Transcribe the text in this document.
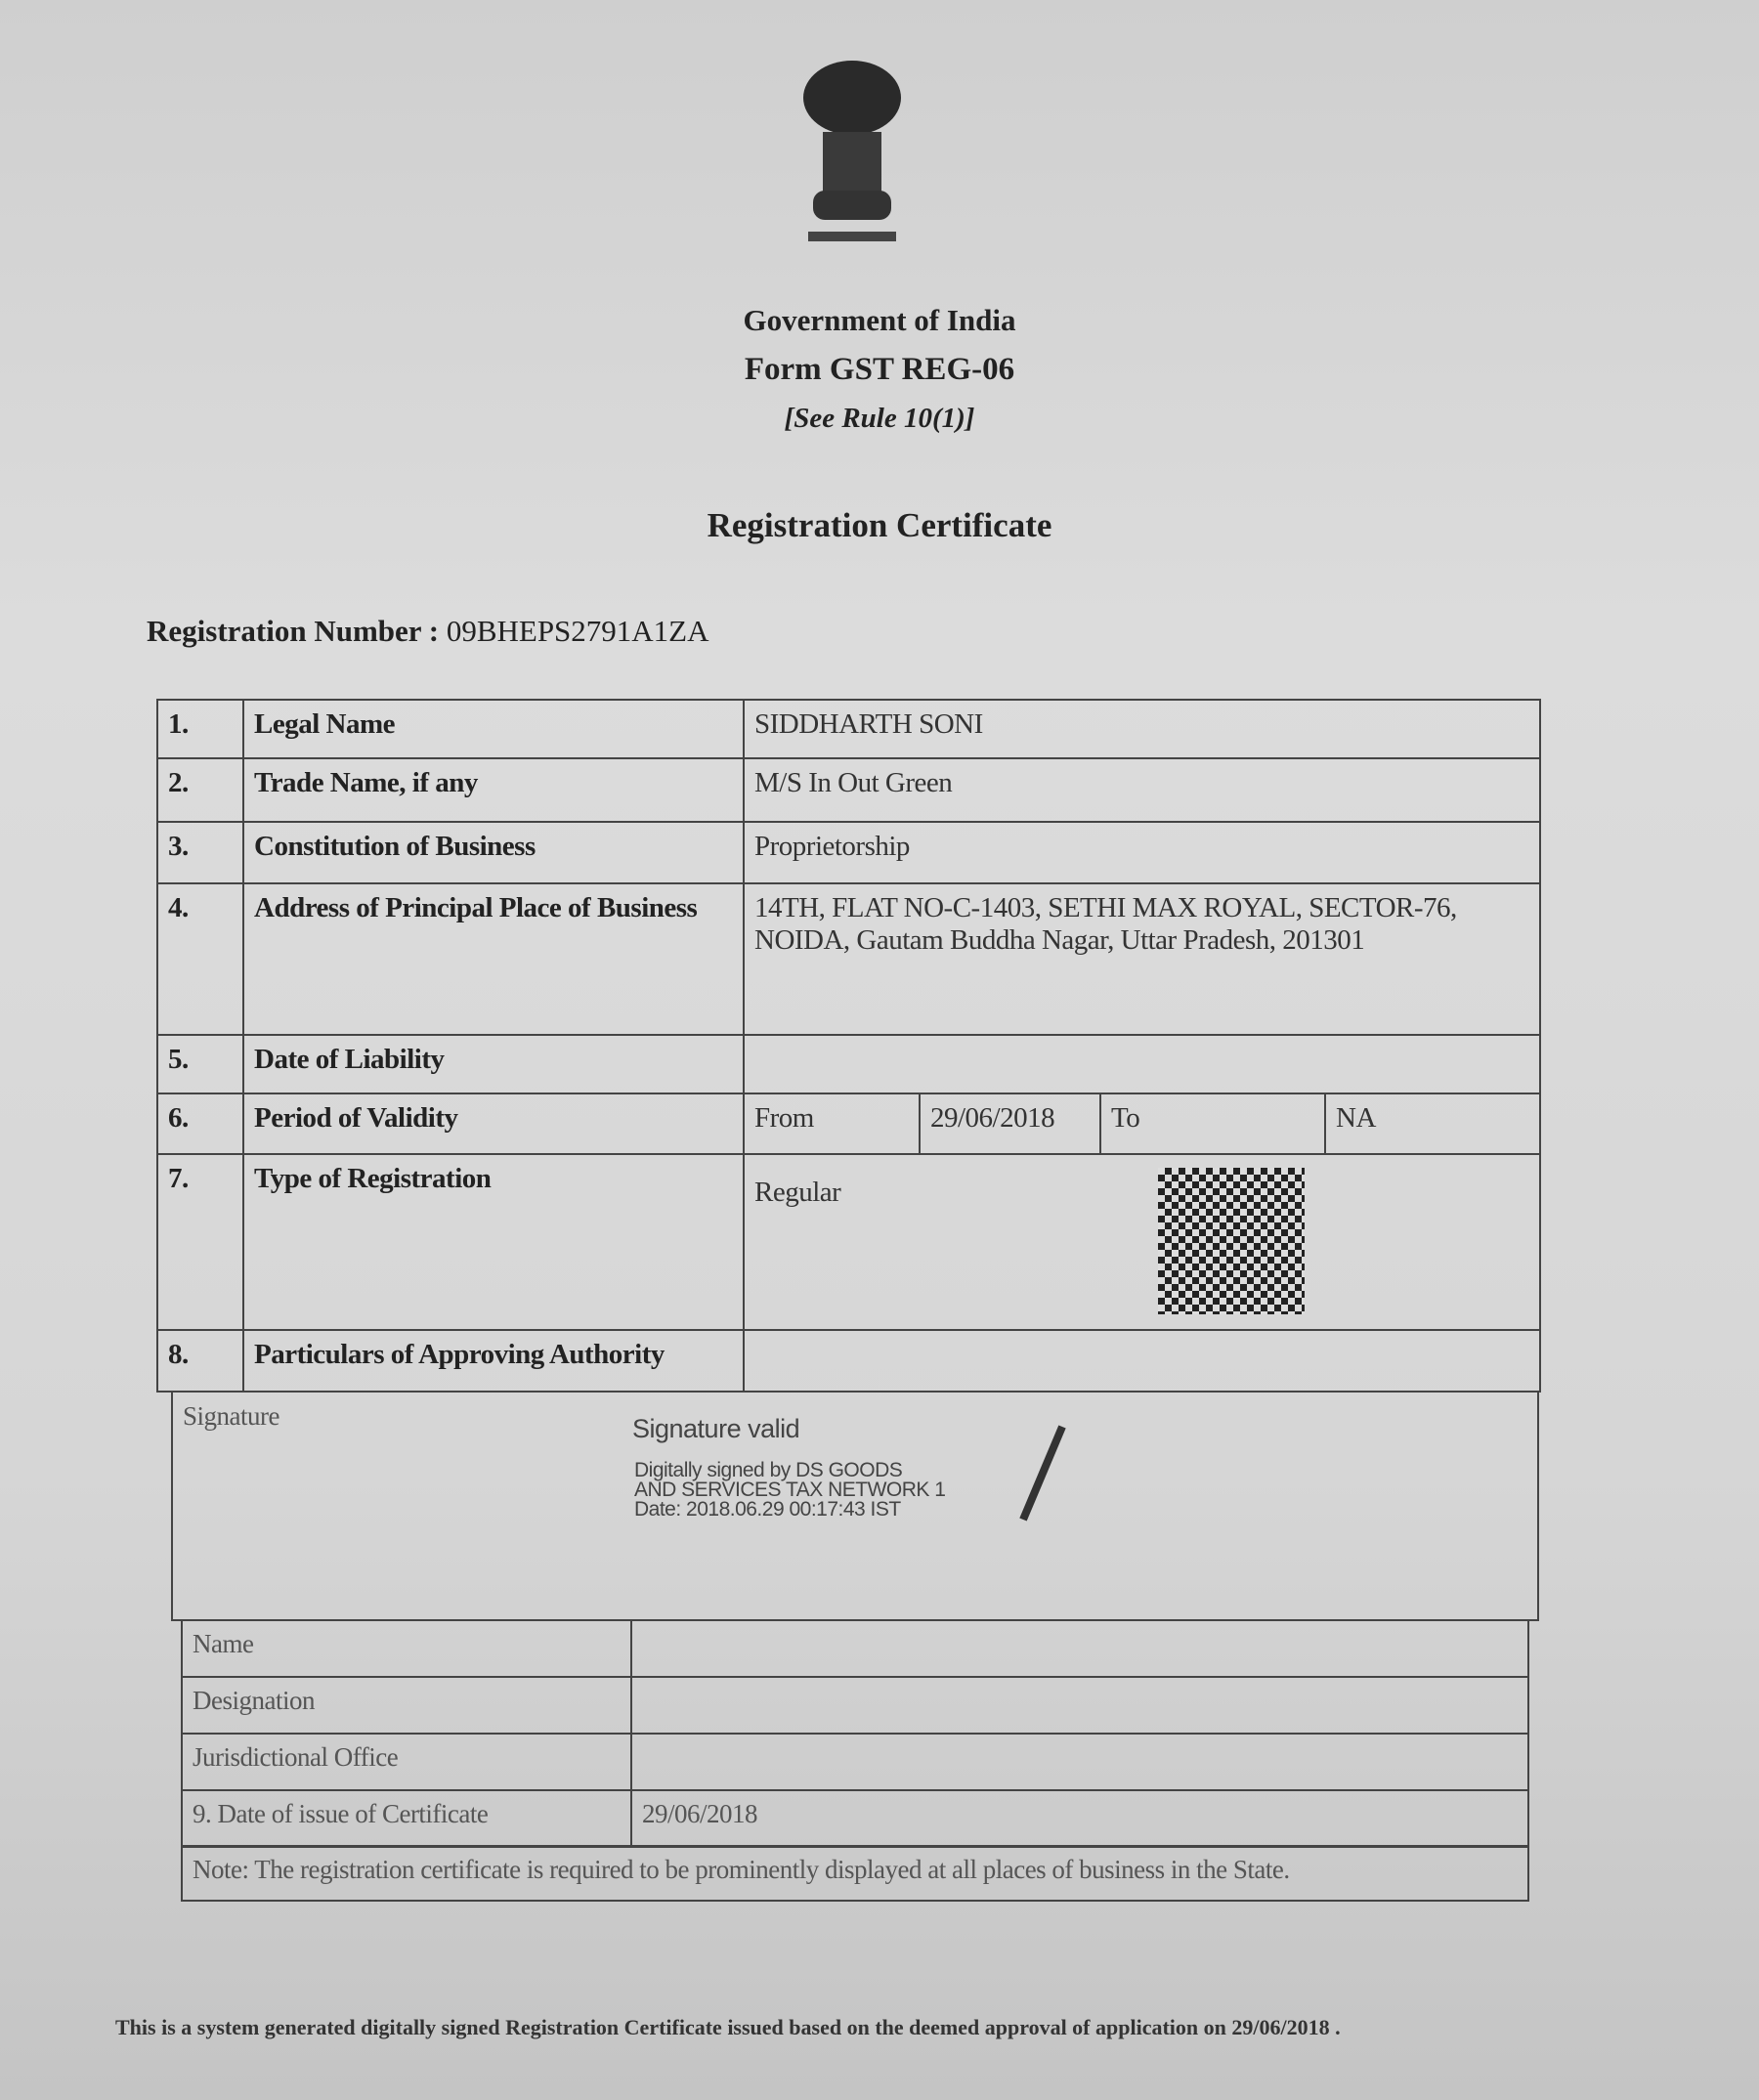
Government of India
Form GST REG-06
[See Rule 10(1)]
Registration Certificate
Registration Number : 09BHEPS2791A1ZA
1.	Legal Name	SIDDHARTH SONI
2.	Trade Name, if any	M/S In Out Green
3.	Constitution of Business	Proprietorship
4.	Address of Principal Place of Business	14TH, FLAT NO-C-1403, SETHI MAX ROYAL, SECTOR-76, NOIDA, Gautam Buddha Nagar, Uttar Pradesh, 201301
5.	Date of Liability
6.	Period of Validity	From	29/06/2018	To	NA
7.	Type of Registration	Regular
8.	Particulars of Approving Authority
Signature	Signature valid
Digitally signed by DS GOODS
AND SERVICES TAX NETWORK 1
Date: 2018.06.29 00:17:43 IST
Name
Designation
Jurisdictional Office
9. Date of issue of Certificate	29/06/2018
Note: The registration certificate is required to be prominently displayed at all places of business in the State.
This is a system generated digitally signed Registration Certificate issued based on the deemed approval of application on 29/06/2018 .
